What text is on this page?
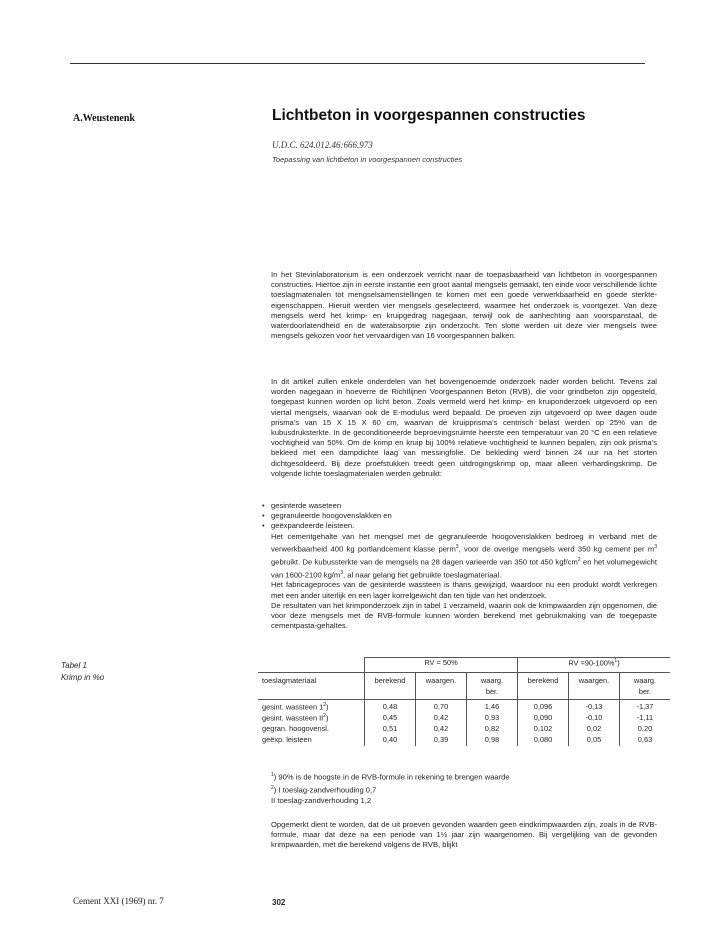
A.Weustenenk	Lichtbeton in voorgespannen constructies
U.D.C. 624.012.46:666.973
Toepassing van lichtbeton in voorgespannen constructies

In het Stevinlaboratorium is een onderzoek verricht naar de toepasbaarheid van lichtbeton in voorgespannen constructies. Hiertoe zijn in eerste instantie een groot aantal mengsels gemaakt, ten einde voor verschillende lichte toeslagmaterialen tot mengselsamenstellingen te komen met een goede verwerkbaarheid en goede sterkte-eigenschappen. Hieruit werden vier mengsels geselecteerd, waarmee het onderzoek is voortgezet. Van deze mengsels werd het krimp- en kruipgedrag nagegaan, terwijl ook de aanhechting aan voorspanstaal, de waterdoorlatendheid en de waterabsorptie zijn onderzocht. Ten slotte werden uit deze vier mengsels twee mengsels gekozen voor het vervaardigen van 16 voorgespannen balken.

In dit artikel zullen enkele onderdelen van het bovengenoemde onderzoek nader worden belicht. Tevens zal worden nagegaan in hoeverre de Richtlijnen Voorgespannen Beton (RVB), die voor grindbeton zijn opgesteld, toegepast kunnen worden op licht beton. Zoals vermeld werd het krimp- en kruiponderzoek uitgevoerd op een viertal mengsels, waarvan ook de E-modulus werd bepaald. De proeven zijn uitgevoerd op twee dagen oude prisma's van 15 X 15 X 60 cm, waarvan de kruipprisma's centrisch belast werden op 25% van de kubusdruksterkte. In de geconditioneerde beproevingsruimte heerste een temperatuur van 20 °C en een relatieve vochtigheid van 50%. Om de krimp en kruip bij 100% relatieve vochtigheid te kunnen bepalen, zijn ook prisma's bekleed met een dampdichte laag van messingfolie. De bekleding werd binnen 24 uur na het storten dichtgesoldeerd. Bij deze proefstukken treedt geen uitdrogingskrimp op, maar alleen verhardingskrimp. De volgende lichte toeslagmaterialen werden gebruikt:

• gesinterde waseteen
• gegranuleerde hoogovenslakken en
• geëxpandeerde leisteen.

Het cementgehalte van het mengsel met de gegranuleerde hoogovenslakken bedroeg in verband met de verwerkbaarheid 400 kg portlandcement klasse perm$^3$, voor de overige mengsels werd 350 kg cement per $m^3$ gebruikt. De kubussterkte van de mengsels na 28 dagen varieerde van 350 tot 450 kgf/$cm^2$ en het volumegewicht van 1600-2100 $kg/m^3$, al naar gelang het gebruikte toeslagmateriaal.

Het fabricageproces van de gesinterde wassteen is thans gewijzigd, waardoor nu een produkt wordt verkregen met een ander uiterlijk en een lager korrelgewicht dan ten tijde van het onderzoek.

De resultaten van het krimponderzoek zijn in tabel 1 verzameld, waarin ook de krimpwaarden zijn opgenomen, die voor deze mengsels met de RVB-formule kunnen worden berekend met gebruikmaking van de toegepaste cementpasta-gehaltes.

Tabel 1
Krimp in %o
	RV = 50%			RV =90-100%$^1$)		
toeslagmateriaal	berekend	waargen.	waarg.	berekend	waargen.	waarg.
			ber.			ber.
gesint. wassteen $1^2$)	0,48	0,70	1,46	0,096	-0,13	-1,37
gesint. wassteen $II^2$)	0,45	0,42	0,93	0,090	-0,10	-1,11
gegran. hoogovensl.	0,51	0,42	0,82	0,102	0,02	0,20
geëxp. leisteen	0,40	0,39	0,98	0,080	0,05	0,63
$^1$) 90% is de hoogste in de RVB-formule in rekening te brengen waarde
$^2$) I toeslag-zandverhouding 0,7
II toeslag-zandverhouding 1,2

Opgemerkt dient te worden, dat de uit proeven gevonden waarden geen eindkrimpwaarden zijn, zoals in de RVB-formule, maar dat deze na een periode van 1½ jaar zijn waargenomen. Bij vergelijking van de gevonden krimpwaarden, met die berekend volgens de RVB, blijkt

Cement XXI (1969) nr. 7	302
